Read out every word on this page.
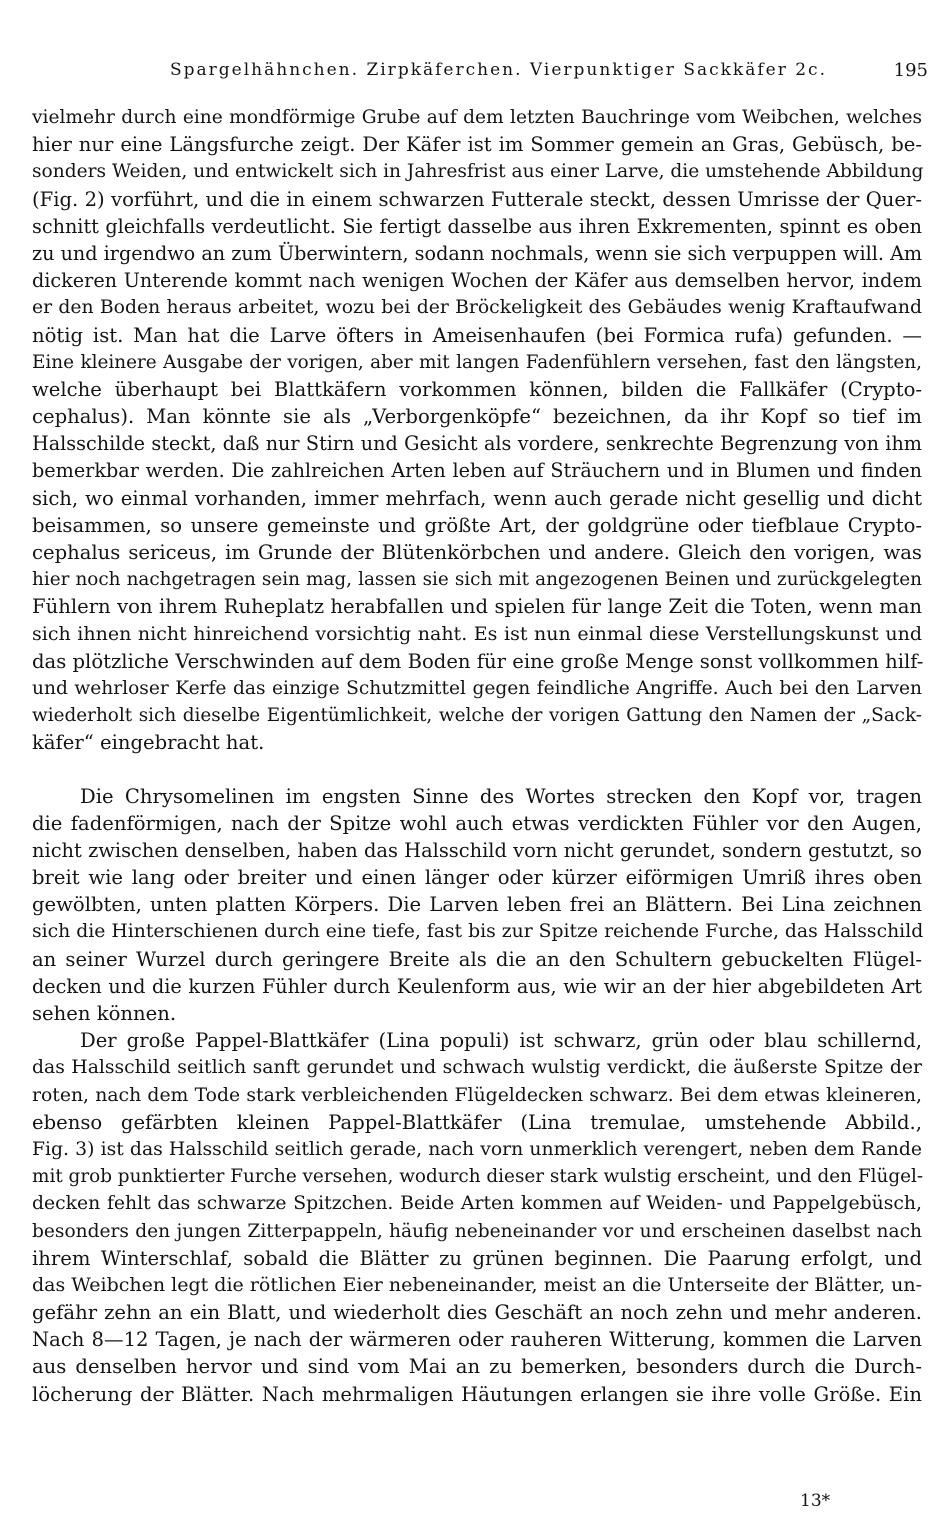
Spargelhähnchen. Zirpkäferchen. Vierpunktiger Sackkäfer 2c.	195
vielmehr durch eine mondförmige Grube auf dem letzten Bauchringe vom Weibchen, welches
hier nur eine Längsfurche zeigt. Der Käfer ist im Sommer gemein an Gras, Gebüsch, be-
sonders Weiden, und entwickelt sich in Jahresfrist aus einer Larve, die umstehende Abbildung
(Fig. 2) vorführt, und die in einem schwarzen Futterale steckt, dessen Umrisse der Quer-
schnitt gleichfalls verdeutlicht. Sie fertigt dasselbe aus ihren Exkrementen, spinnt es oben
zu und irgendwo an zum Überwintern, sodann nochmals, wenn sie sich verpuppen will. Am
dickeren Unterende kommt nach wenigen Wochen der Käfer aus demselben hervor, indem
er den Boden heraus arbeitet, wozu bei der Bröckeligkeit des Gebäudes wenig Kraftaufwand
nötig ist. Man hat die Larve öfters in Ameisenhaufen (bei Formica rufa) gefunden. —
Eine kleinere Ausgabe der vorigen, aber mit langen Fadenfühlern versehen, fast den längsten,
welche überhaupt bei Blattkäfern vorkommen können, bilden die Fallkäfer (Crypto-
cephalus). Man könnte sie als „Verborgenköpfe“ bezeichnen, da ihr Kopf so tief im
Halsschilde steckt, daß nur Stirn und Gesicht als vordere, senkrechte Begrenzung von ihm
bemerkbar werden. Die zahlreichen Arten leben auf Sträuchern und in Blumen und finden
sich, wo einmal vorhanden, immer mehrfach, wenn auch gerade nicht gesellig und dicht
beisammen, so unsere gemeinste und größte Art, der goldgrüne oder tiefblaue Crypto-
cephalus sericeus, im Grunde der Blütenkörbchen und andere. Gleich den vorigen, was
hier noch nachgetragen sein mag, lassen sie sich mit angezogenen Beinen und zurückgelegten
Fühlern von ihrem Ruheplatz herabfallen und spielen für lange Zeit die Toten, wenn man
sich ihnen nicht hinreichend vorsichtig naht. Es ist nun einmal diese Verstellungskunst und
das plötzliche Verschwinden auf dem Boden für eine große Menge sonst vollkommen hilf-
und wehrloser Kerfe das einzige Schutzmittel gegen feindliche Angriffe. Auch bei den Larven
wiederholt sich dieselbe Eigentümlichkeit, welche der vorigen Gattung den Namen der „Sack-
käfer“ eingebracht hat.
Die Chrysomelinen im engsten Sinne des Wortes strecken den Kopf vor, tragen
die fadenförmigen, nach der Spitze wohl auch etwas verdickten Fühler vor den Augen,
nicht zwischen denselben, haben das Halsschild vorn nicht gerundet, sondern gestutzt, so
breit wie lang oder breiter und einen länger oder kürzer eiförmigen Umriß ihres oben
gewölbten, unten platten Körpers. Die Larven leben frei an Blättern. Bei Lina zeichnen
sich die Hinterschienen durch eine tiefe, fast bis zur Spitze reichende Furche, das Halsschild
an seiner Wurzel durch geringere Breite als die an den Schultern gebuckelten Flügel-
decken und die kurzen Fühler durch Keulenform aus, wie wir an der hier abgebildeten Art
sehen können.
Der große Pappel-Blattkäfer (Lina populi) ist schwarz, grün oder blau schillernd,
das Halsschild seitlich sanft gerundet und schwach wulstig verdickt, die äußerste Spitze der
roten, nach dem Tode stark verbleichenden Flügeldecken schwarz. Bei dem etwas kleineren,
ebenso gefärbten kleinen Pappel-Blattkäfer (Lina tremulae, umstehende Abbild.,
Fig. 3) ist das Halsschild seitlich gerade, nach vorn unmerklich verengert, neben dem Rande
mit grob punktierter Furche versehen, wodurch dieser stark wulstig erscheint, und den Flügel-
decken fehlt das schwarze Spitzchen. Beide Arten kommen auf Weiden- und Pappelgebüsch,
besonders den jungen Zitterpappeln, häufig nebeneinander vor und erscheinen daselbst nach
ihrem Winterschlaf, sobald die Blätter zu grünen beginnen. Die Paarung erfolgt, und
das Weibchen legt die rötlichen Eier nebeneinander, meist an die Unterseite der Blätter, un-
gefähr zehn an ein Blatt, und wiederholt dies Geschäft an noch zehn und mehr anderen.
Nach 8—12 Tagen, je nach der wärmeren oder rauheren Witterung, kommen die Larven
aus denselben hervor und sind vom Mai an zu bemerken, besonders durch die Durch-
löcherung der Blätter. Nach mehrmaligen Häutungen erlangen sie ihre volle Größe. Ein
13*
